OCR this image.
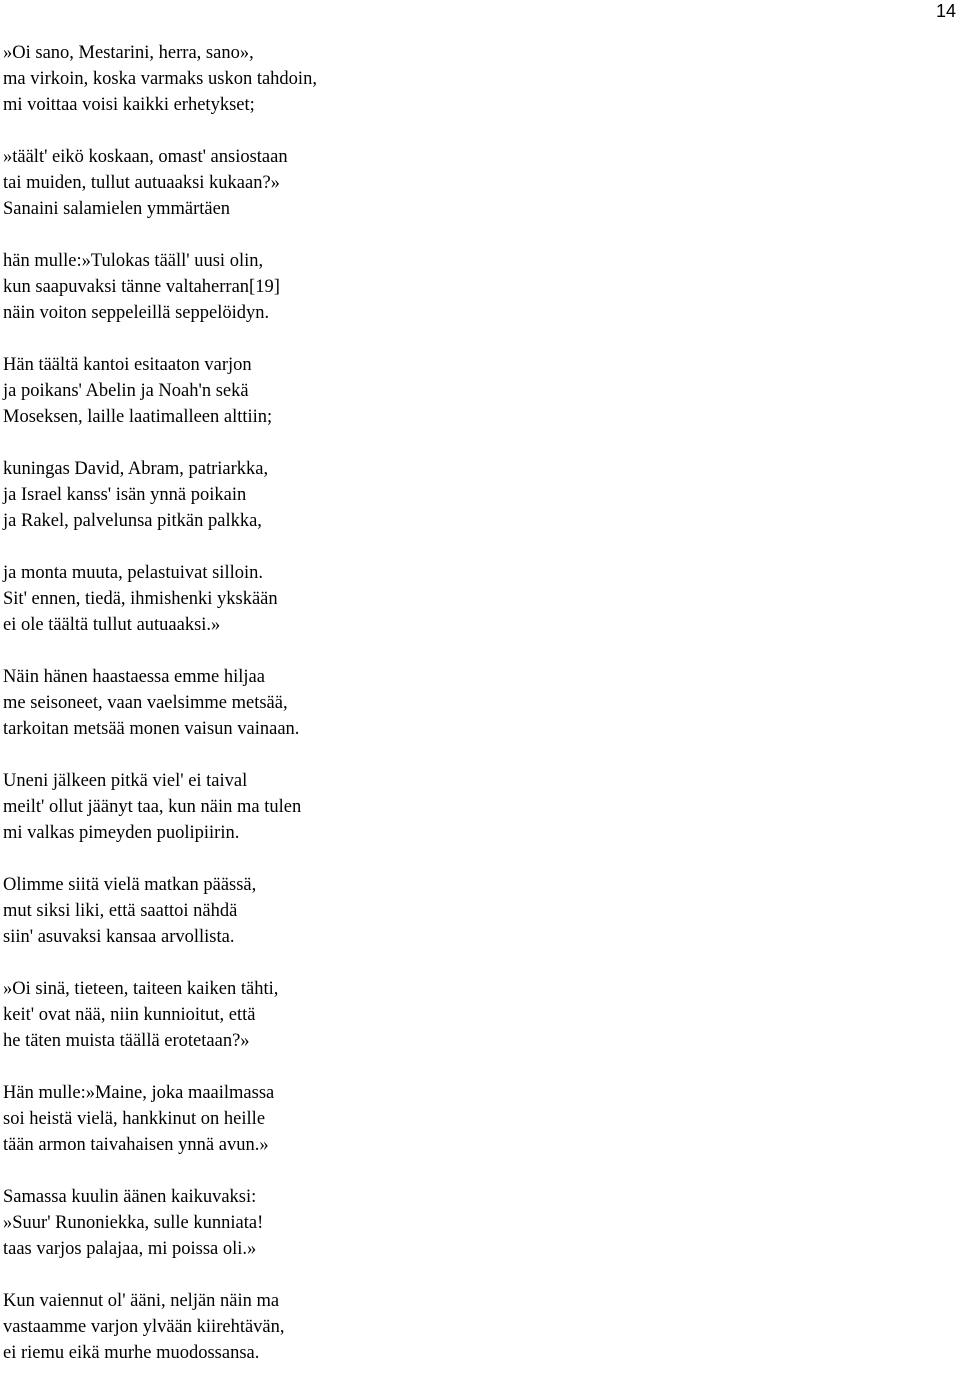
14
»Oi sano, Mestarini, herra, sano»,
ma virkoin, koska varmaks uskon tahdoin,
mi voittaa voisi kaikki erhetykset;
»täält' eikö koskaan, omast' ansiostaan
tai muiden, tullut autuaaksi kukaan?»
Sanaini salamielen ymmärtäen
hän mulle:»Tulokas tääll' uusi olin,
kun saapuvaksi tänne valtaherran[19]
näin voiton seppeleillä seppelöidyn.
Hän täältä kantoi esitaaton varjon
ja poikans' Abelin ja Noah'n sekä
Moseksen, laille laatimalleen alttiin;
kuningas David, Abram, patriarkka,
ja Israel kanss' isän ynnä poikain
ja Rakel, palvelunsa pitkän palkka,
ja monta muuta, pelastuivat silloin.
Sit' ennen, tiedä, ihmishenki ykskään
ei ole täältä tullut autuaaksi.»
Näin hänen haastaessa emme hiljaa
me seisoneet, vaan vaelsimme metsää,
tarkoitan metsää monen vaisun vainaan.
Uneni jälkeen pitkä viel' ei taival
meilt' ollut jäänyt taa, kun näin ma tulen
mi valkas pimeyden puolipiirin.
Olimme siitä vielä matkan päässä,
mut siksi liki, että saattoi nähdä
siin' asuvaksi kansaa arvollista.
»Oi sinä, tieteen, taiteen kaiken tähti,
keit' ovat nää, niin kunnioitut, että
he täten muista täällä erotetaan?»
Hän mulle:»Maine, joka maailmassa
soi heistä vielä, hankkinut on heille
tään armon taivahaisen ynnä avun.»
Samassa kuulin äänen kaikuvaksi:
»Suur' Runoniekka, sulle kunniata!
taas varjos palajaa, mi poissa oli.»
Kun vaiennut ol' ääni, neljän näin ma
vastaamme varjon ylvään kiirehtävän,
ei riemu eikä murhe muodossansa.
